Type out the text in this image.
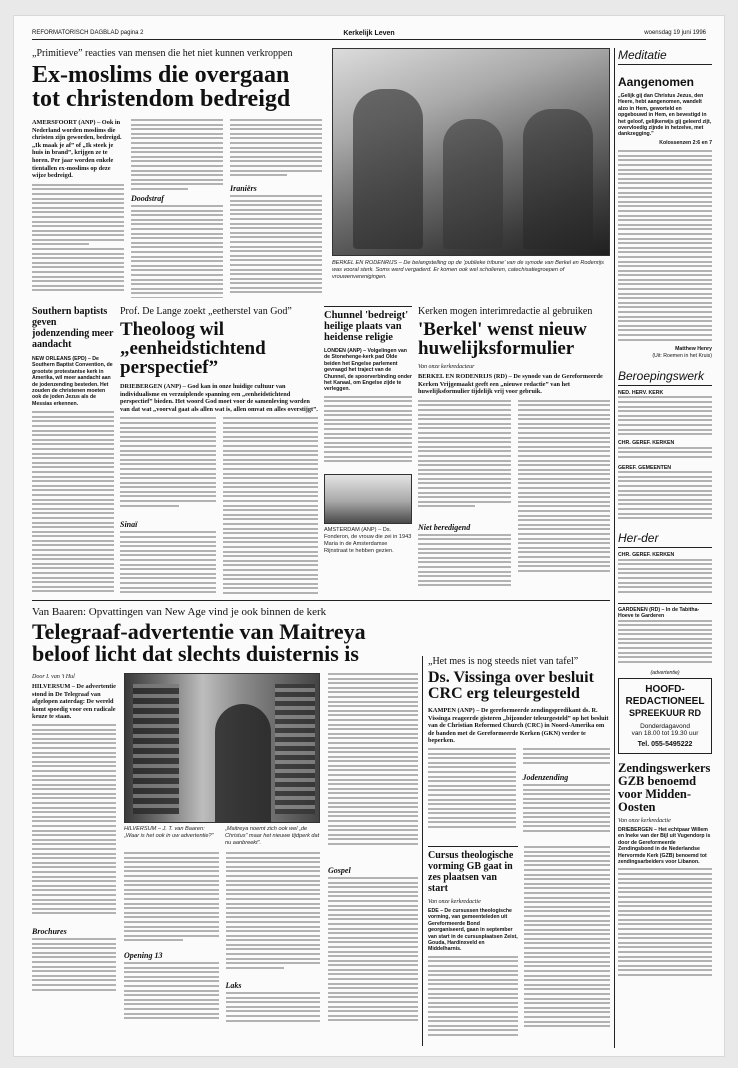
REFORMATORISCH DAGBLAD pagina 2	Kerkelijk Leven	woensdag 19 juni 1996
„Primitieve” reacties van mensen die het niet kunnen verkroppen
Ex-moslims die overgaan tot christendom bedreigd
AMERSFOORT (ANP) – Ook in Nederland worden moslims die christen zijn geworden, bedreigd. „Ik maak je af” of „Ik steek je huis in brand”, krijgen ze te horen. Per jaar worden enkele tientallen ex-moslims op deze wijze bedreigd.
Doodstraf
Iraniërs
BERKEL EN RODENRIJS – De belangstelling op de ‘publieke tribune’ van de synode van Berkel en Rodenrijs was vooral sterk. Soms werd vergaderd. Er komen ook wel scholieren, catechisatiegroepen of vrouwenverenigingen.
Meditatie
Aangenomen
„Gelijk gij dan Christus Jezus, den Heere, hebt aangenomen, wandelt alzo in Hem, geworteld en opgebouwd in Hem, en bevestigd in het geloof, gelijkerwijs gij geleerd zijt, overvloedig zijnde in hetzelve, met dankzegging.”
Kolossenzen 2:6 en 7
Matthew Henry
(Uit: Roemen in het Kruis)
Beroepingswerk
NED. HERV. KERK
CHR. GEREF. KERKEN
GEREF. GEMEENTEN
Her-der
CHR. GEREF. KERKEN
GARDENEN (RD) – In de Tabitha-Hoeve te Garderen
(advertentie)
HOOFD-
REDACTIONEEL
SPREEKUUR RD
Donderdagavond
van 18.00 tot 19.30 uur
Tel. 055-5495222
Zendingswerkers GZB benoemd voor Midden-Oosten
Van onze kerkredactie
DRIEBERGEN – Het echtpaar Willem en Ineke van der Bijl uit Vugendorp is door de Gereformeerde Zendingsbond in de Nederlandse Hervormde Kerk (GZB) benoemd tot zendingsarbeiders voor Libanon.
Southern baptists geven jodenzending meer aandacht
NEW ORLEANS (EPD) – De Southern Baptist Convention, de grootste protestantse kerk in Amerika, wil meer aandacht aan de jodenzending besteden. Het zouden de christenen moeten ook de joden Jezus als de Messias erkennen.
Prof. De Lange zoekt „eetherstel van God”
Theoloog wil „eenheidstichtend perspectief”
DRIEBERGEN (ANP) – God kan in onze huidige cultuur van individualisme en verzuiplende spanning een „eenheidstichtend perspectief” bieden. Het woord God moet voor de samenleving worden van dat wat „voorval gaat als allen wat is, allen omvat en alles overstijgt”.
Sinaï
Chunnel 'bedreigt' heilige plaats van heidense religie
LONDEN (ANP) – Volgelingen van de Stonehenge-kerk pad Olde beiden het Engelse parlement gevraagd het traject van de Chunnel, de spoorverbinding onder het Kanaal, om Engelse zijde te verleggen.
AMSTERDAM (ANP) – Ds. Fonderon, de vrouw die zei in 1943 Maria in de Amsterdamse Rijnstraat te hebben gezien.
Kerken mogen interimredactie al gebruiken
'Berkel' wenst nieuw huwelijksformulier
Van onze kerkredacteur
BERKEL EN RODENRIJS (RD) – De synode van de Gereformeerde Kerken Vrijgemaakt geeft een „nieuwe redactie” van het huwelijksformulier tijdelijk vrij voor gebruik.
Niet beredigend
Van Baaren: Opvattingen van New Age vind je ook binnen de kerk
Telegraaf-advertentie van Maitreya beloof licht dat slechts duisternis is
Door I. van 't Hul
HILVERSUM – De advertentie stond in De Telegraaf van afgelopen zaterdag: De wereld komt spoedig voor een radicale keuze te staan.
Brochures
HILVERSUM – J. T. van Baaren: „Waar is het ook in uw advertentie?”
„Maitreya noemt zich ook wel „de Christus” maar het nieuwe tijdperk dat nu aanbreekt”.
Opening 13
Laks
Gospel
„Het mes is nog steeds niet van tafel”
Ds. Vissinga over besluit CRC erg teleurgesteld
KAMPEN (ANP) – De gereformeerde zendingspredikant ds. R. Vissinga reageerde gisteren „bijzonder teleurgesteld” op het besluit van de Christian Reformed Church (CRC) in Noord-Amerika om de banden met de Gereformeerde Kerken (GKN) verder te beperken.
Jodenzending
Cursus theologische vorming GB gaat in zes plaatsen van start
Van onze kerkredactie
EDE – De cursussen theologische vorming, van gemeenteleden uit Gereformeerde Bond georganiseerd, gaan in september van start in de cursusplaatsen Zeist, Gouda, Hardinxveld en Middelharnis.
